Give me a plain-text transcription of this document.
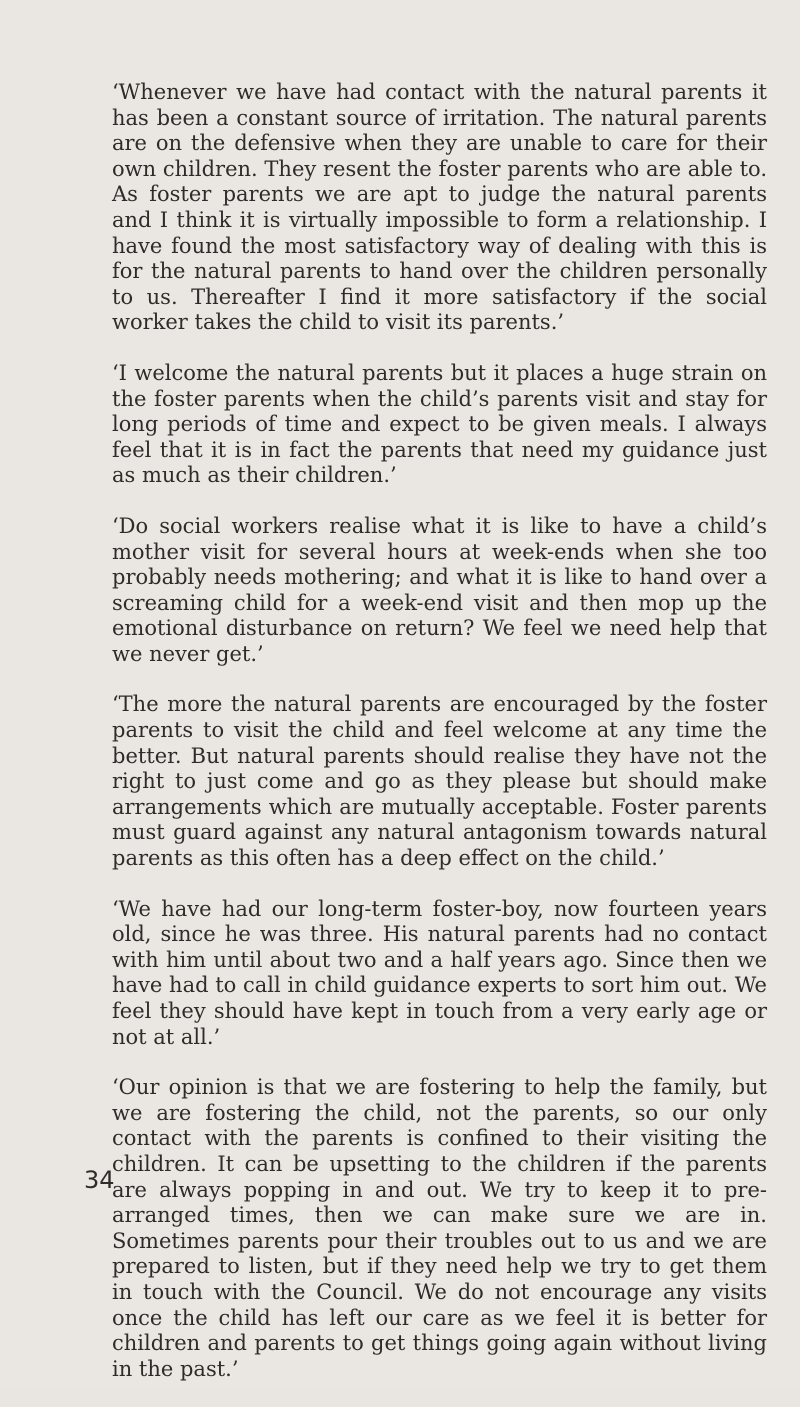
‘Whenever we have had contact with the natural parents it has been a constant source of irritation. The natural parents are on the defensive when they are unable to care for their own children. They resent the foster parents who are able to. As foster parents we are apt to judge the natural parents and I think it is virtually impossible to form a relationship. I have found the most satisfactory way of dealing with this is for the natural parents to hand over the children personally to us. Thereafter I find it more satisfactory if the social worker takes the child to visit its parents.’

‘I welcome the natural parents but it places a huge strain on the foster parents when the child’s parents visit and stay for long periods of time and expect to be given meals. I always feel that it is in fact the parents that need my guidance just as much as their children.’

‘Do social workers realise what it is like to have a child’s mother visit for several hours at week-ends when she too probably needs mothering; and what it is like to hand over a screaming child for a week-end visit and then mop up the emotional disturbance on return? We feel we need help that we never get.’

‘The more the natural parents are encouraged by the foster parents to visit the child and feel welcome at any time the better. But natural parents should realise they have not the right to just come and go as they please but should make arrangements which are mutually acceptable. Foster parents must guard against any natural antagonism towards natural parents as this often has a deep effect on the child.’

‘We have had our long-term foster-boy, now fourteen years old, since he was three. His natural parents had no contact with him until about two and a half years ago. Since then we have had to call in child guidance experts to sort him out. We feel they should have kept in touch from a very early age or not at all.’

‘Our opinion is that we are fostering to help the family, but we are fostering the child, not the parents, so our only contact with the parents is confined to their visiting the children. It can be upsetting to the children if the parents are always popping in and out. We try to keep it to pre-arranged times, then we can make sure we are in. Sometimes parents pour their troubles out to us and we are prepared to listen, but if they need help we try to get them in touch with the Council. We do not encourage any visits once the child has left our care as we feel it is better for children and parents to get things going again without living in the past.’

34
